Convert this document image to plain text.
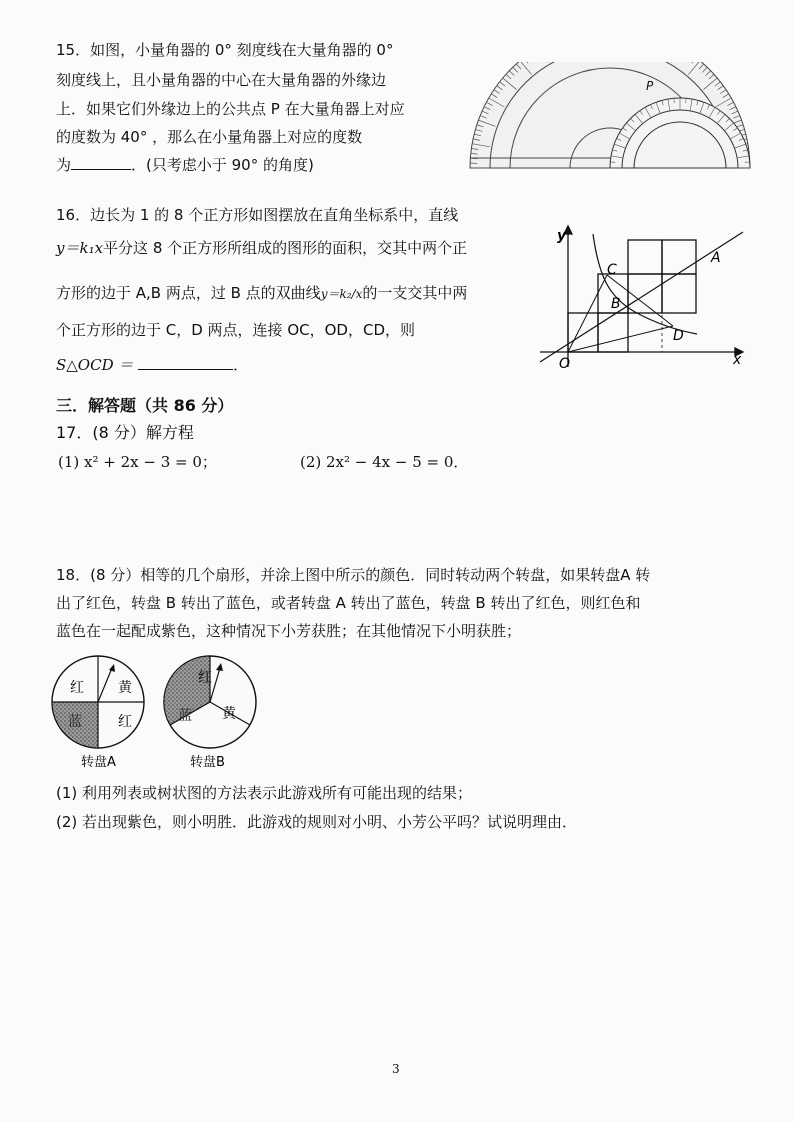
15．如图，小量角器的 0° 刻度线在大量角器的 0°
刻度线上，且小量角器的中心在大量角器的外缘边
上．如果它们外缘边上的公共点 P 在大量角器上对应
的度数为 40° ，那么在小量角器上对应的度数
为	．(只考虑小于 90° 的角度)
P
16．边长为 1 的 8 个正方形如图摆放在直角坐标系中，直线
y＝k₁x平分这 8 个正方形所组成的图形的面积，交其中两个正
方形的边于 A,B 两点，过 B 点的双曲线y＝k₂/x的一支交其中两
个正方形的边于 C，D 两点，连接 OC，OD，CD，则
S△OCD ＝	．
y
x
O
A
B
C
D
三．解答题（共 86 分）
17．(8 分）解方程
(1) x² + 2x − 3 = 0；	(2) 2x² − 4x − 5 = 0．
18．(8 分）相等的几个扇形，并涂上图中所示的颜色．同时转动两个转盘，如果转盘A 转
出了红色，转盘 B 转出了蓝色，或者转盘 A 转出了蓝色，转盘 B 转出了红色，则红色和
蓝色在一起配成紫色，这种情况下小芳获胜；在其他情况下小明获胜；
红 黄
蓝	红
红
蓝 黄
转盘A	转盘B
(1) 利用列表或树状图的方法表示此游戏所有可能出现的结果；
(2) 若出现紫色，则小明胜．此游戏的规则对小明、小芳公平吗？试说明理由．
3
